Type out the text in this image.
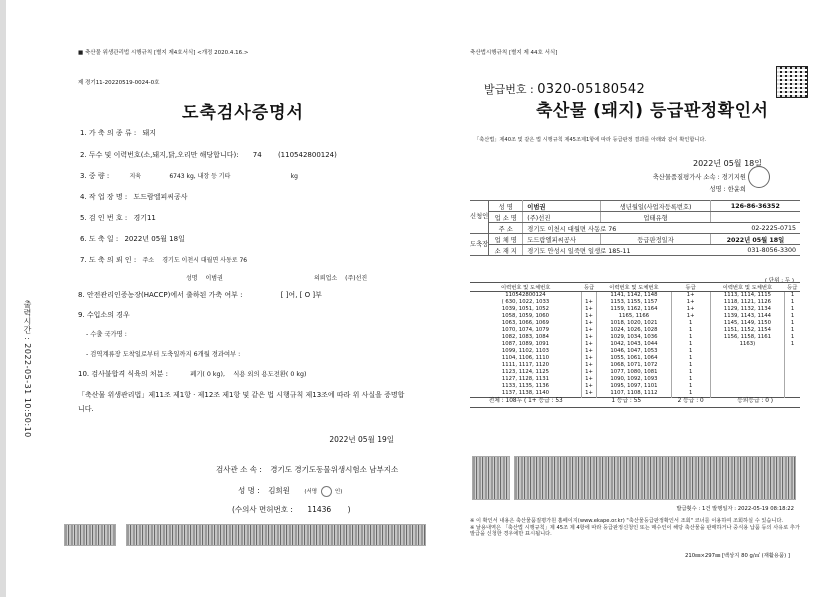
출력시간 : 2022-05-31 10:50:10
■ 축산물 위생관리법 시행규칙 [별지 제4호서식] <개정 2020.4.16.>
제 경기11-20220519-0024-0호
도축검사증명서
1. 가 축 의 종 류 : 돼지
2. 두수 및 이력번호(소,돼지,닭,오리만 해당합니다): 74 (110542800124)
3. 중 량 :	지육	6743 kg, 내장 등 기타	kg
4. 작 업 장 명 : 도드람엘피씨공사
5. 검 인 번 호 : 경기11
6. 도 축 일 : 2022년 05월 18일
7. 도 축 의 뢰 인 : 주소 경기도 이천시 대월면 사동로 76
성명 이범권	의뢰업소 (주)선진
8. 안전관리인증농장(HACCP)에서 출하된 가축 여부 :	[ ]여, [ O ]부
9. 수입소의 경우
- 수출 국가명 :
- 검역계류장 도착일로부터 도축일까지 6개월 경과여부 :
10. 검사불합격 식육의 처분 :	폐기( 0 kg), 식용 외의 용도전환( 0 kg)
「축산물 위생관리법」제11조 제1항 · 제12조 제1항 및 같은 법 시행규칙 제13조에 따라 위 사실을 증명합니다.
2022년 05월 19일
검사관 소 속 : 경기도 경기도동물위생시험소 남부지소
성 명 : 김희원	(서명	인)
(수의사 면허번호 : 11436 )
축산법시행규칙 [별지 제 44호 서식]
발급번호 : 0320-05180542
축산물 (돼지) 등급판정확인서
「축산법」제40조 및 같은 법 시행규칙 제45조제1항에 따라 등급판정 결과를 아래와 같이 확인합니다.
2022년 05월 18일
축산물품질평가사 소속 : 경기지원
성명 : 한윤희
신청인	성 명	이범권	생년월일(사업자등록번호)	126-86-36352
	업 소 명	(주)선진	업태유형	
	주 소	경기도 이천시 대월면 사동로 76		02-2225-0715
도축장	업 체 명	도드람엘피씨공사	등급판정일자	2022년 05월 18일
	소 재 지	경기도 안성시 일죽면 일생로 185-11		031-8056-3300
( 단위 : 두 )
이력번호 및 도체번호	등급	이력번호 및 도체번호	등급	이력번호 및 도체번호	등급
110542800124		1141, 1142, 1148	1+	1113, 1114, 1115	1
( 630, 1022, 1033	1+	1153, 1155, 1157	1+	1118, 1121, 1126	1
1039, 1051, 1052	1+	1159, 1162, 1164	1+	1129, 1132, 1134	1
1058, 1059, 1060	1+	1165, 1166	1+	1139, 1143, 1144	1
1063, 1066, 1069	1+	1018, 1020, 1021	1	1145, 1149, 1150	1
1070, 1074, 1079	1+	1024, 1026, 1028	1	1151, 1152, 1154	1
1082, 1083, 1084	1+	1029, 1034, 1036	1	1156, 1158, 1161	1
1087, 1089, 1091	1+	1042, 1043, 1044	1	1163)	1
1099, 1102, 1103	1+	1046, 1047, 1053	1		
1104, 1106, 1110	1+	1055, 1061, 1064	1		
1111, 1117, 1120	1+	1068, 1071, 1072	1		
1123, 1124, 1125	1+	1077, 1080, 1081	1		
1127, 1128, 1131	1+	1090, 1092, 1093	1		
1133, 1135, 1136	1+	1095, 1097, 1101	1		
1137, 1138, 1140	1+	1107, 1108, 1112	1		
전체 : 108두 ( 1+ 등급 : 53	1 등급 : 55		2 등급 : 0	등외등급 : 0 )	
발급횟수 : 1건 발행일자 : 2022-05-19 08:18:22
※ 이 확인서 내용은 축산물품질평가원 홈페이지(www.ekape.or.kr) "축산물등급판정확인서 조회" 코너를 이용하여 조회하실 수 있습니다.
※ 낱용내역은 「축산법 시행규칙」제 45조 제 4항에 따라 등급판정신청인 또는 매수인이 해당 축산물을 판매하거나 중식용 납품 등의 사유로 추가 발급을 신청한 경우에만 표시됩니다.
210㎜×297㎜ [백상지 80 g/㎡ (재활용품) ]
